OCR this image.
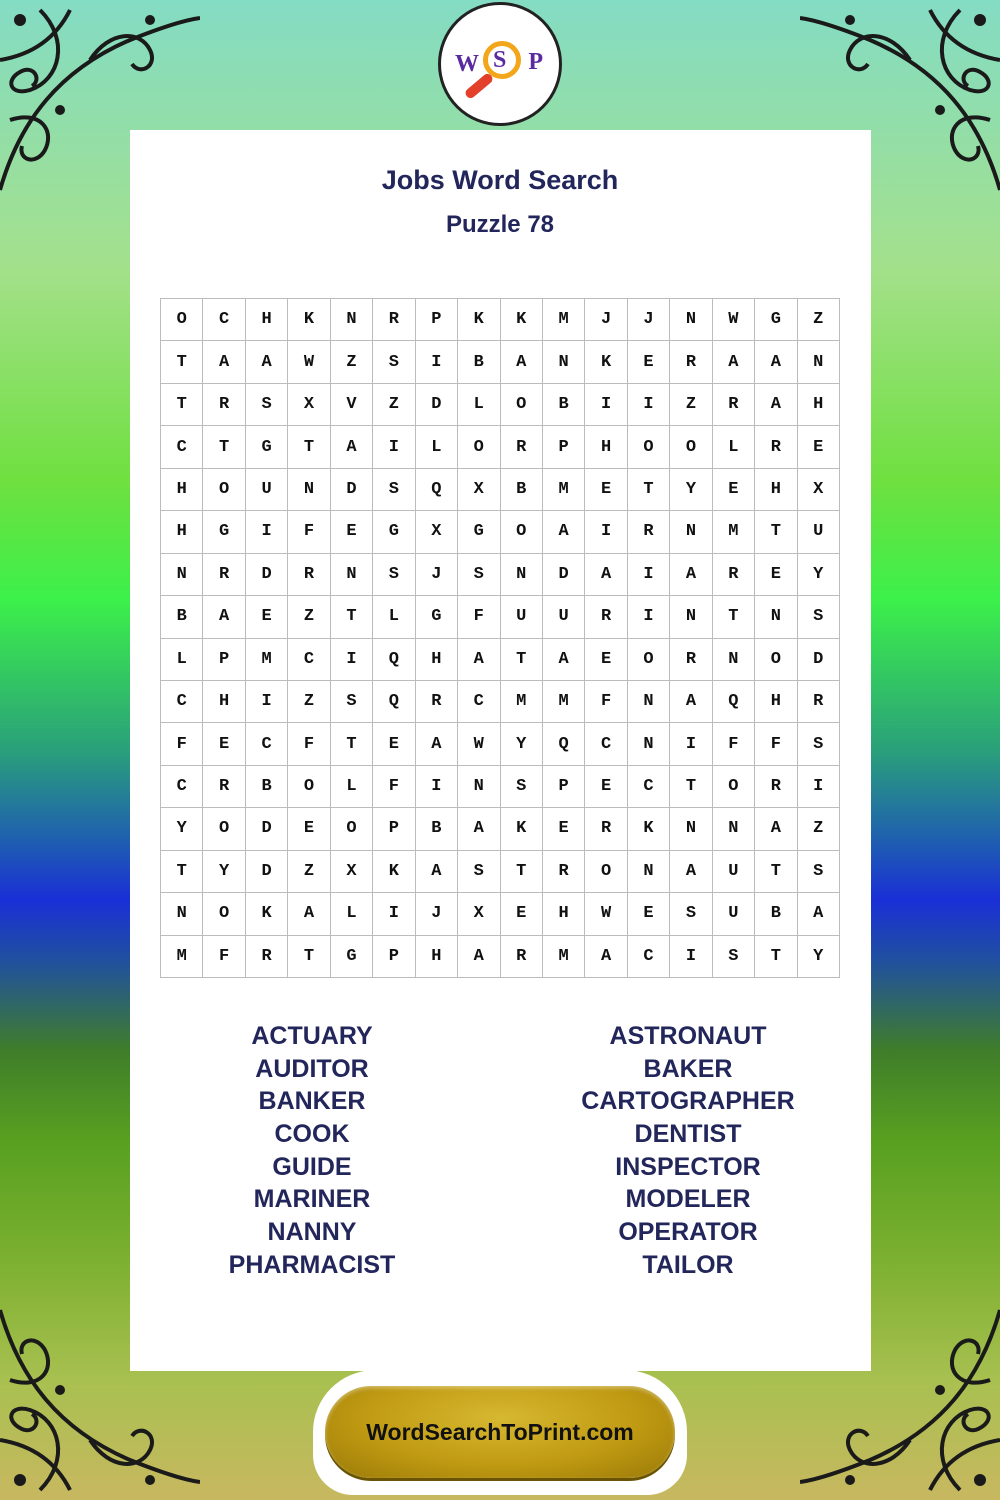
W S P
Jobs Word Search
Puzzle 78
O	C	H	K	N	R	P	K	K	M	J	J	N	W	G	Z
T	A	A	W	Z	S	I	B	A	N	K	E	R	A	A	N
T	R	S	X	V	Z	D	L	O	B	I	I	Z	R	A	H
C	T	G	T	A	I	L	O	R	P	H	O	O	L	R	E
H	O	U	N	D	S	Q	X	B	M	E	T	Y	E	H	X
H	G	I	F	E	G	X	G	O	A	I	R	N	M	T	U
N	R	D	R	N	S	J	S	N	D	A	I	A	R	E	Y
B	A	E	Z	T	L	G	F	U	U	R	I	N	T	N	S
L	P	M	C	I	Q	H	A	T	A	E	O	R	N	O	D
C	H	I	Z	S	Q	R	C	M	M	F	N	A	Q	H	R
F	E	C	F	T	E	A	W	Y	Q	C	N	I	F	F	S
C	R	B	O	L	F	I	N	S	P	E	C	T	O	R	I
Y	O	D	E	O	P	B	A	K	E	R	K	N	N	A	Z
T	Y	D	Z	X	K	A	S	T	R	O	N	A	U	T	S
N	O	K	A	L	I	J	X	E	H	W	E	S	U	B	A
M	F	R	T	G	P	H	A	R	M	A	C	I	S	T	Y
ACTUARY
AUDITOR
BANKER
COOK
GUIDE
MARINER
NANNY
PHARMACIST
ASTRONAUT
BAKER
CARTOGRAPHER
DENTIST
INSPECTOR
MODELER
OPERATOR
TAILOR
WordSearchToPrint.com
